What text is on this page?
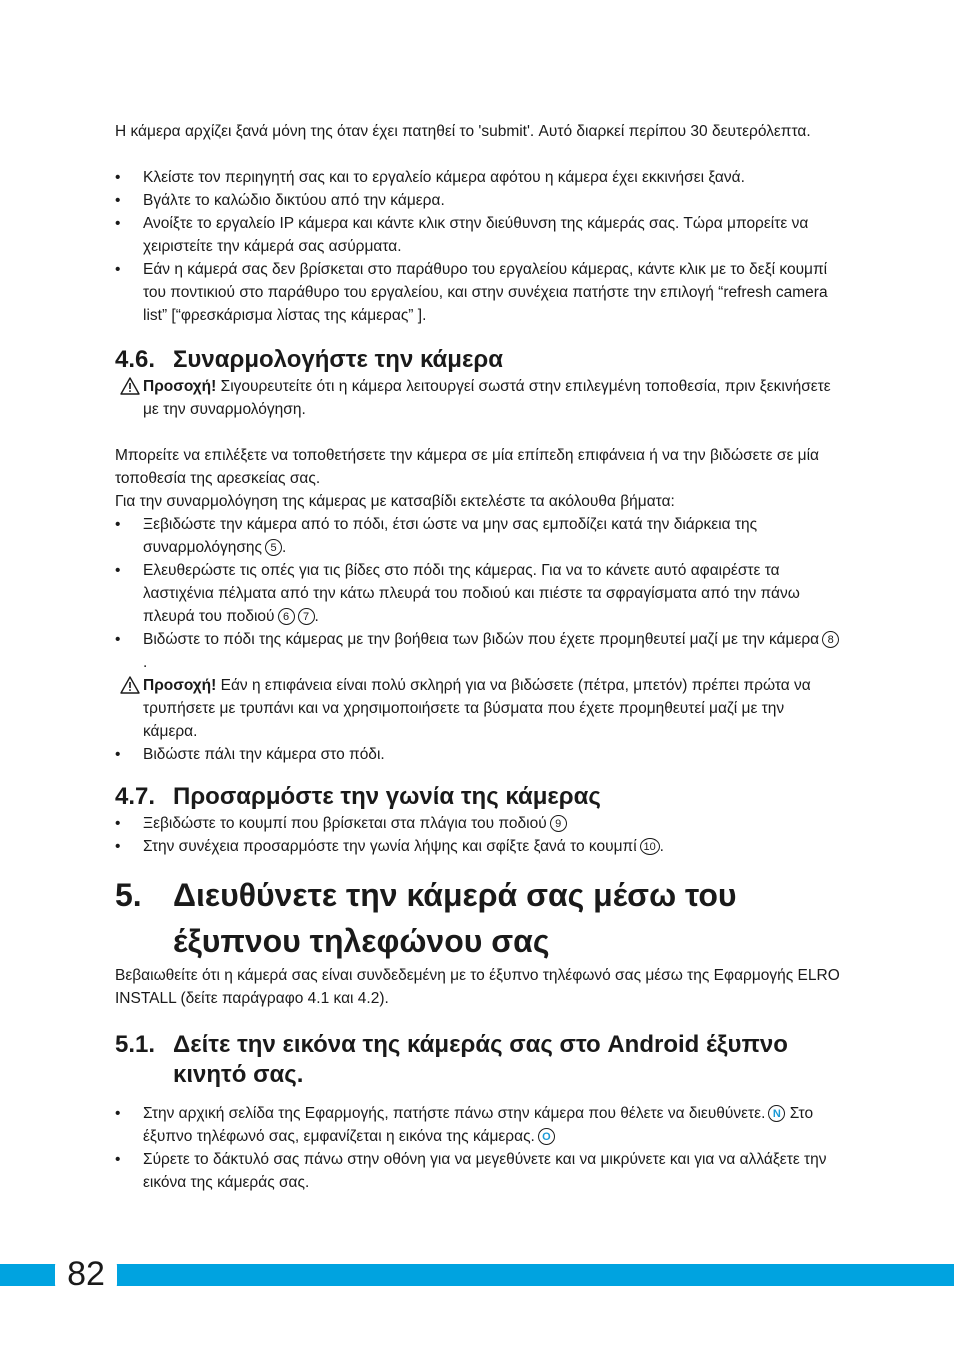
Η κάμερα αρχίζει ξανά μόνη της όταν έχει πατηθεί το 'submit'. Αυτό διαρκεί περίπου 30 δευτερόλεπτα.

• Κλείστε τον περιηγητή σας και το εργαλείο κάμερα αφότου η κάμερα έχει εκκινήσει ξανά.
• Βγάλτε το καλώδιο δικτύου από την κάμερα.
• Ανοίξτε το εργαλείο IP κάμερα και κάντε κλικ στην διεύθυνση της κάμεράς σας. Τώρα μπορείτε να χειριστείτε την κάμερά σας ασύρματα.
• Εάν η κάμερά σας δεν βρίσκεται στο παράθυρο του εργαλείου κάμερας, κάντε κλικ με το δεξί κουμπί του ποντικιού στο παράθυρο του εργαλείου, και στην συνέχεια πατήστε την επιλογή “refresh camera list” [“φρεσκάρισμα λίστας της κάμερας” ].
4.6. Συναρμολογήστε την κάμερα

Προσοχή! Σιγουρευτείτε ότι η κάμερα λειτουργεί σωστά στην επιλεγμένη τοποθεσία, πριν ξεκινήσετε με την συναρμολόγηση.

Μπορείτε να επιλέξετε να τοποθετήσετε την κάμερα σε μία επίπεδη επιφάνεια ή να την βιδώσετε σε μία τοποθεσία της αρεσκείας σας.

Για την συναρμολόγηση της κάμερας με κατσαβίδι εκτελέστε τα ακόλουθα βήματα:

• Ξεβιδώστε την κάμερα από το πόδι, έτσι ώστε να μην σας εμποδίζει κατά την διάρκεια της συναρμολόγησης 5 .
• Ελευθερώστε τις οπές για τις βίδες στο πόδι της κάμερας. Για να το κάνετε αυτό αφαιρέστε τα λαστιχένια πέλματα από την κάτω πλευρά του ποδιού και πιέστε τα σφραγίσματα από την πάνω πλευρά του ποδιού 6 7 .
• Βιδώστε το πόδι της κάμερας με την βοήθεια των βιδών που έχετε προμηθευτεί μαζί με την κάμερα 8.

Προσοχή! Εάν η επιφάνεια είναι πολύ σκληρή για να βιδώσετε (πέτρα, μπετόν) πρέπει πρώτα να τρυπήσετε με τρυπάνι και να χρησιμοποιήσετε τα βύσματα που έχετε προμηθευτεί μαζί με την κάμερα.

• Βιδώστε πάλι την κάμερα στο πόδι.
4.7. Προσαρμόστε την γωνία της κάμερας
• Ξεβιδώστε το κουμπί που βρίσκεται στα πλάγια του ποδιού 9
• Στην συνέχεια προσαρμόστε την γωνία λήψης και σφίξτε ξανά το κουμπί 10 .
5. Διευθύνετε την κάμερά σας μέσω του έξυπνου τηλεφώνου σας

Βεβαιωθείτε ότι η κάμερά σας είναι συνδεδεμένη με το έξυπνο τηλέφωνό σας μέσω της Εφαρμογής ELRO INSTALL (δείτε παράγραφο 4.1 και 4.2).

5.1. Δείτε την εικόνα της κάμεράς σας στο Android έξυπνο κινητό σας.
• Στην αρχική σελίδα της Εφαρμογής, πατήστε πάνω στην κάμερα που θέλετε να διευθύνετε. N Στο έξυπνο τηλέφωνό σας, εμφανίζεται η εικόνα της κάμερας. O
• Σύρετε το δάκτυλό σας πάνω στην οθόνη για να μεγεθύνετε και να μικρύνετε και για να αλλάξετε την εικόνα της κάμεράς σας.
82
